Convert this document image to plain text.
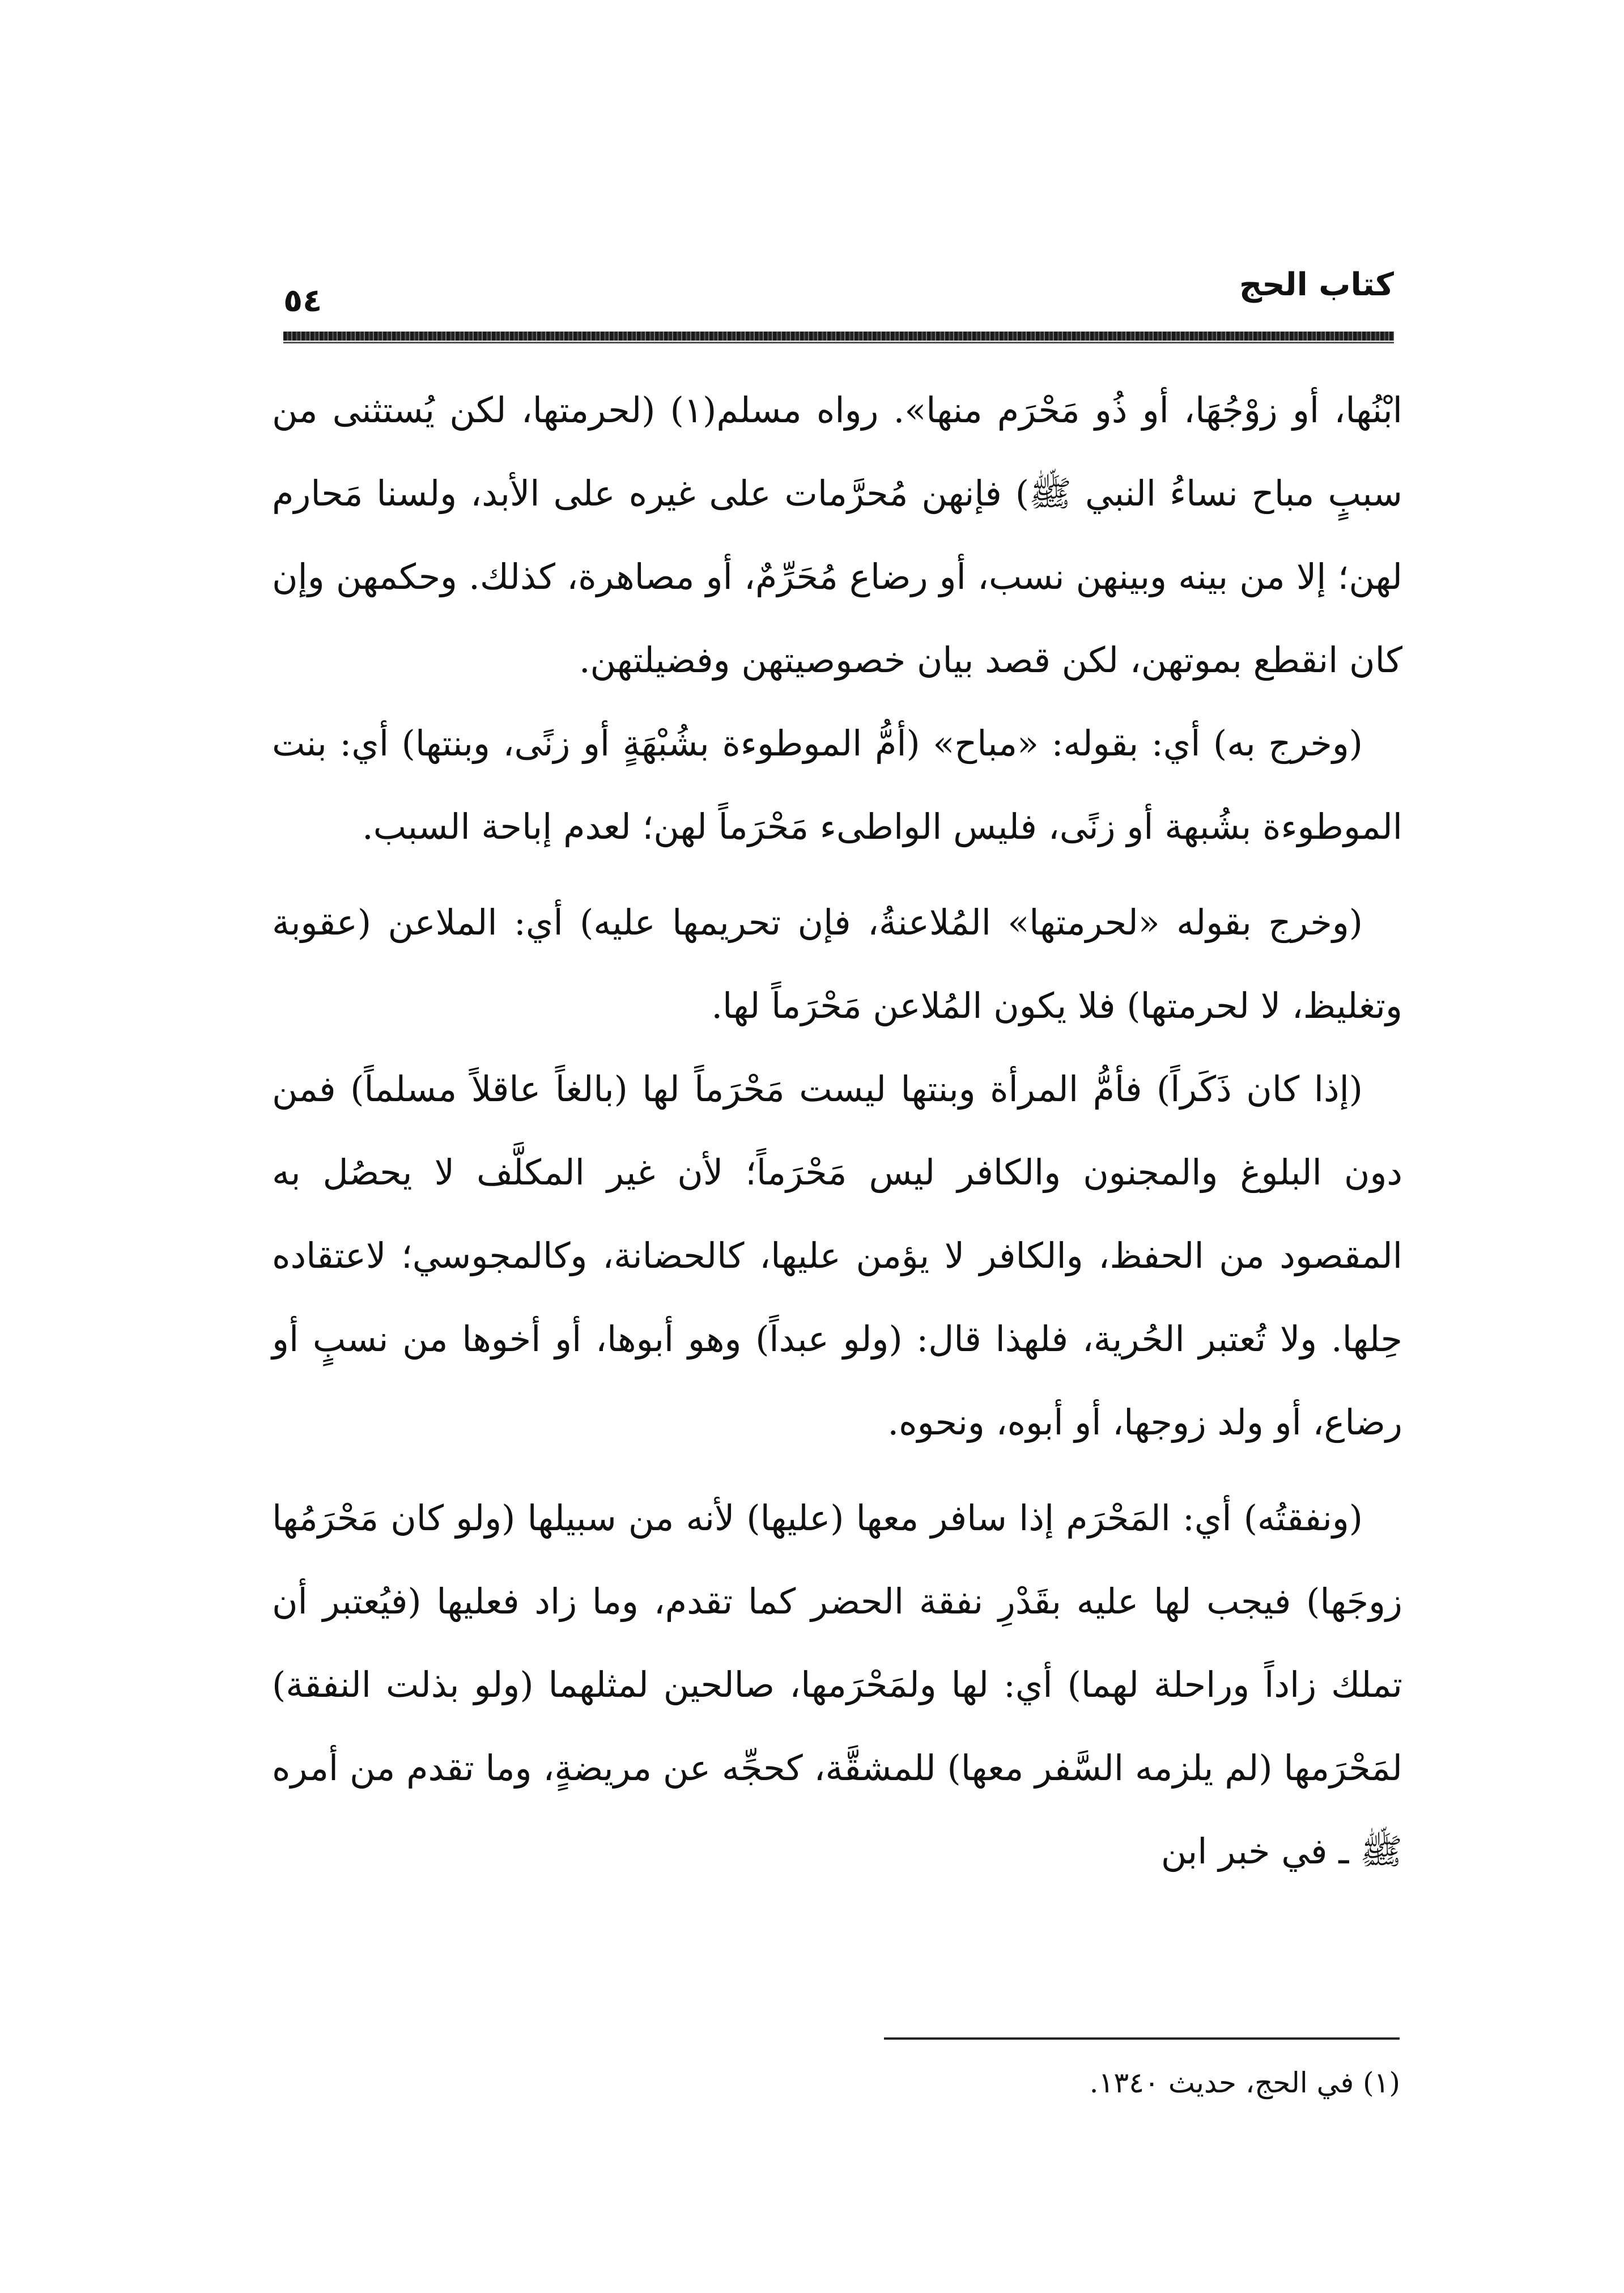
كتاب الحج
٥٤

ابْنُها، أو زوْجُهَا، أو ذُو مَحْرَم منها». رواه مسلم(١) (لحرمتها، لكن يُستثنى من سببٍ مباح نساءُ النبي ﷺ) فإنهن مُحرَّمات على غيره على الأبد، ولسنا مَحارم لهن؛ إلا من بينه وبينهن نسب، أو رضاع مُحَرِّمٌ، أو مصاهرة، كذلك. وحكمهن وإن كان انقطع بموتهن، لكن قصد بيان خصوصيتهن وفضيلتهن.

(وخرج به) أي: بقوله: «مباح» (أمُّ الموطوءة بشُبْهَةٍ أو زنًى، وبنتها) أي: بنت الموطوءة بشُبهة أو زنًى، فليس الواطىء مَحْرَماً لهن؛ لعدم إباحة السبب.

(وخرج بقوله «لحرمتها» المُلاعنةُ، فإن تحريمها عليه) أي: الملاعن (عقوبة وتغليظ، لا لحرمتها) فلا يكون المُلاعن مَحْرَماً لها.

(إذا كان ذَكَراً) فأمُّ المرأة وبنتها ليست مَحْرَماً لها (بالغاً عاقلاً مسلماً) فمن دون البلوغ والمجنون والكافر ليس مَحْرَماً؛ لأن غير المكلَّف لا يحصُل به المقصود من الحفظ، والكافر لا يؤمن عليها، كالحضانة، وكالمجوسي؛ لاعتقاده حِلها. ولا تُعتبر الحُرية، فلهذا قال: (ولو عبداً) وهو أبوها، أو أخوها من نسبٍ أو رضاع، أو ولد زوجها، أو أبوه، ونحوه.

(ونفقتُه) أي: المَحْرَم إذا سافر معها (عليها) لأنه من سبيلها (ولو كان مَحْرَمُها زوجَها) فيجب لها عليه بقَدْرِ نفقة الحضر كما تقدم، وما زاد فعليها (فيُعتبر أن تملك زاداً وراحلة لهما) أي: لها ولمَحْرَمها، صالحين لمثلهما (ولو بذلت النفقة) لمَحْرَمها (لم يلزمه السَّفر معها) للمشقَّة، كحجِّه عن مريضةٍ، وما تقدم من أمره ﷺ ـ في خبر ابن

(١) في الحج، حديث ١٣٤٠.
